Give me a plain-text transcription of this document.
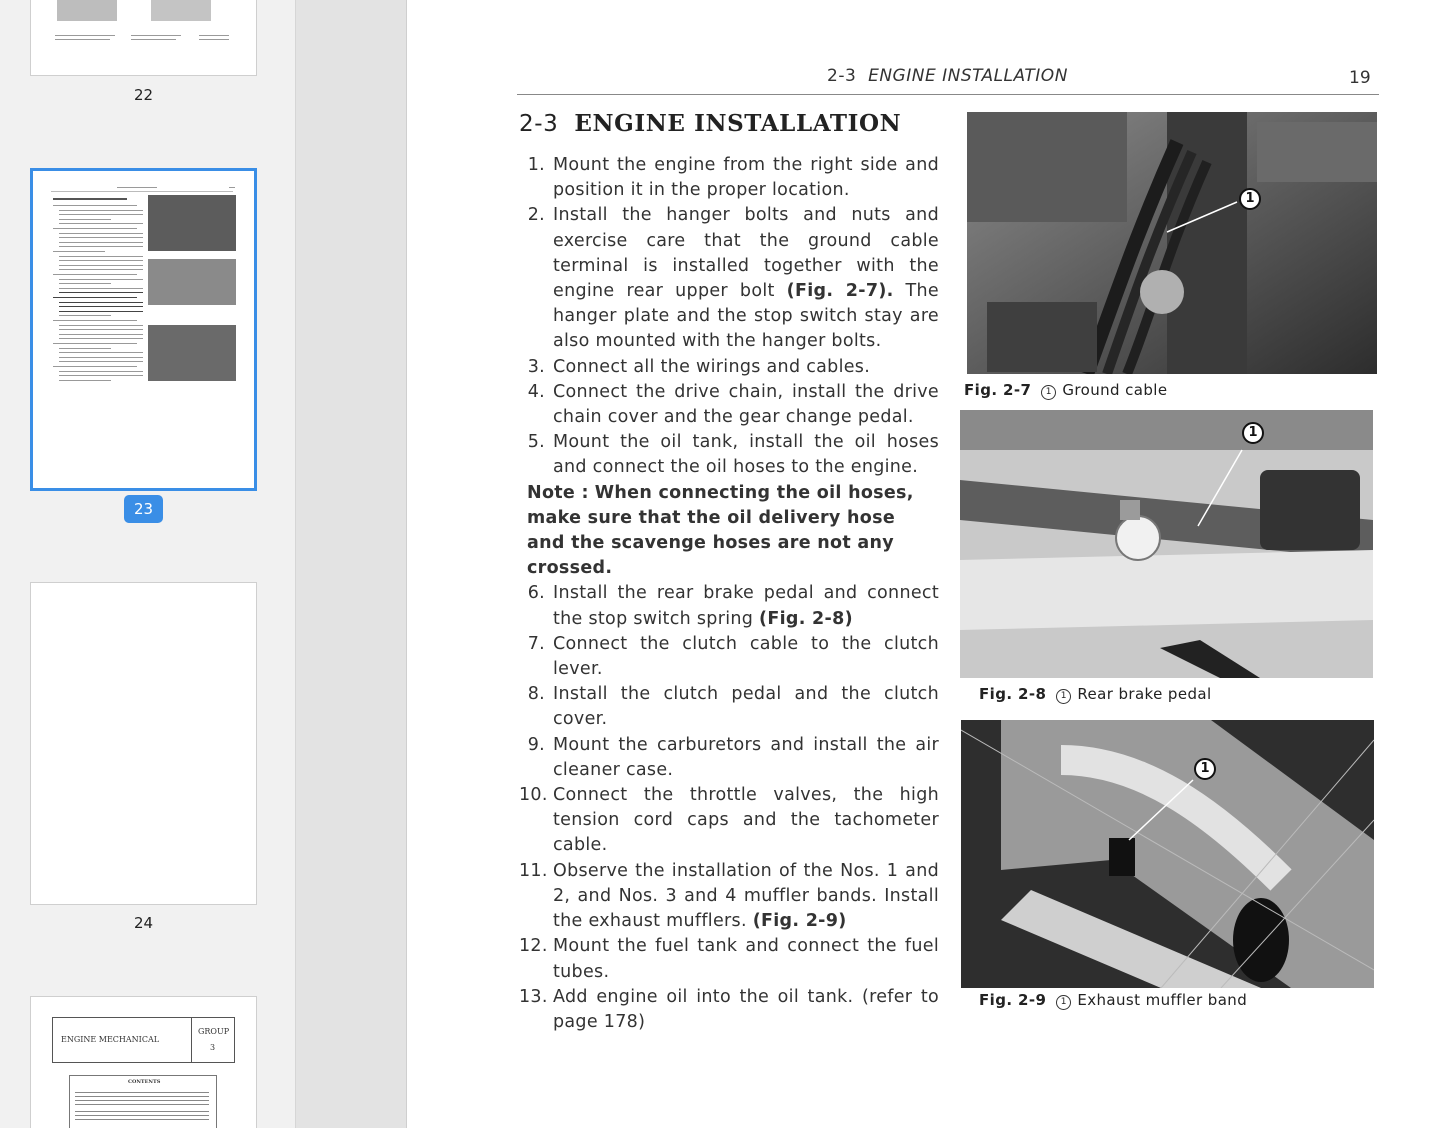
22
23
24
ENGINE MECHANICAL
GROUP
3
CONTENTS
2-3 ENGINE INSTALLATION	19
2-3 ENGINE INSTALLATION
1. Mount the engine from the right side and position it in the proper location.
2. Install the hanger bolts and nuts and exercise care that the ground cable terminal is installed together with the engine rear upper bolt (Fig. 2-7). The hanger plate and the stop switch stay are also mounted with the hanger bolts.
3. Connect all the wirings and cables.
4. Connect the drive chain, install the drive chain cover and the gear change pedal.
5. Mount the oil tank, install the oil hoses and connect the oil hoses to the engine.
Note : When connecting the oil hoses, make sure that the oil delivery hose and the scavenge hoses are not any crossed.
6. Install the rear brake pedal and connect the stop switch spring (Fig. 2-8)
7. Connect the clutch cable to the clutch lever.
8. Install the clutch pedal and the clutch cover.
9. Mount the carburetors and install the air cleaner case.
10. Connect the throttle valves, the high tension cord caps and the tachometer cable.
11. Observe the installation of the Nos. 1 and 2, and Nos. 3 and 4 muffler bands. Install the exhaust mufflers. (Fig. 2-9)
12. Mount the fuel tank and connect the fuel tubes.
13. Add engine oil into the oil tank. (refer to page 178)
1
Fig. 2-7 1 Ground cable
1
Fig. 2-8 1 Rear brake pedal
1
Fig. 2-9 1 Exhaust muffler band
